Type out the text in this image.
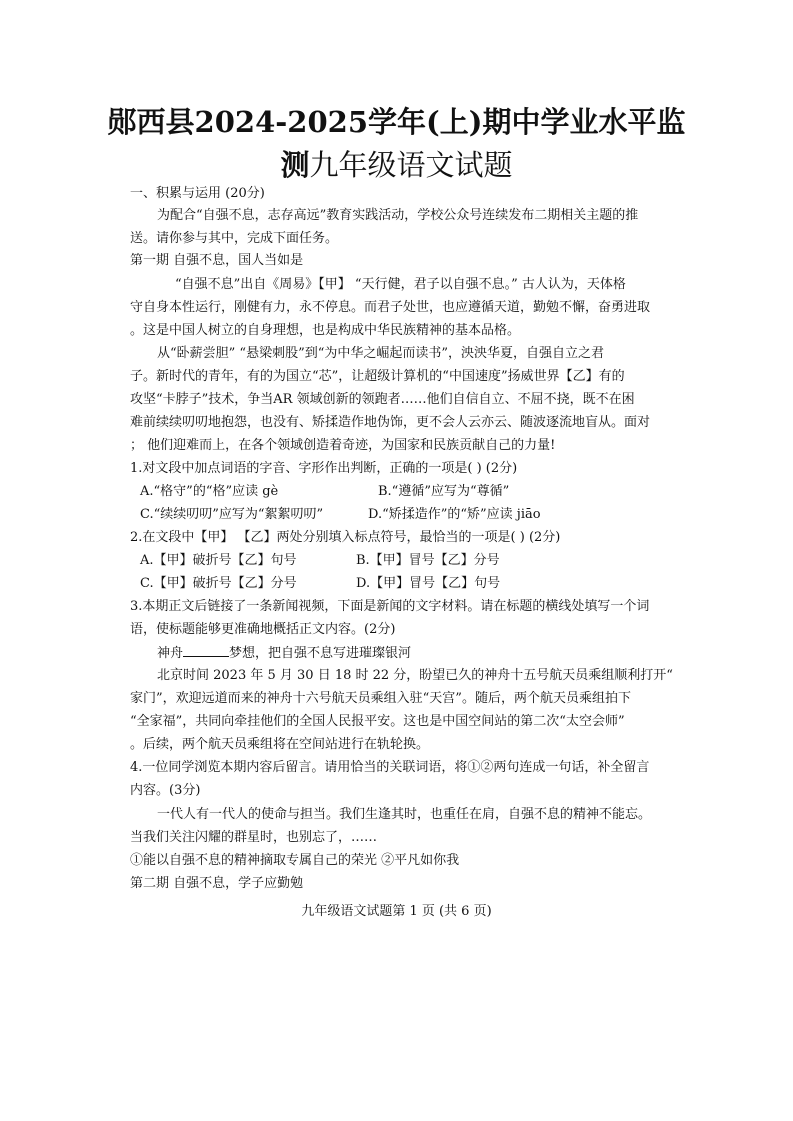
郧西县2024-2025学年(上)期中学业水平监
测九年级语文试题
一、积累与运用 (20分)
为配合“自强不息，志存高远”教育实践活动，学校公众号连续发布二期相关主题的推
送。请你参与其中，完成下面任务。
第一期 自强不息，国人当如是
“自强不息”出自《周易》【甲】 “天行健，君子以自强不息。” 古人认为，天体格
守自身本性运行，刚健有力，永不停息。而君子处世，也应遵循天道，勤勉不懈，奋勇进取
。这是中国人树立的自身理想，也是构成中华民族精神的基本品格。
从“卧薪尝胆” “悬梁刺股”到“为中华之崛起而读书”，泱泱华夏，自强自立之君
子。新时代的青年，有的为国立“芯”，让超级计算机的“中国速度”扬威世界【乙】有的
攻坚“卡脖子”技术，争当AR 领域创新的领跑者……他们自信自立、不屈不挠，既不在困
难前续续叨叨地抱怨，也没有、矫揉造作地伪饰，更不会人云亦云、随波逐流地盲从。面对
； 他们迎难而上，在各个领域创造着奇迹，为国家和民族贡献自己的力量!
1.对文段中加点词语的字音、字形作出判断，正确的一项是( ) (2分)
A.“格守”的“格”应读 gè	B.“遵循”应写为“尊循”
C.“续续叨叨”应写为“絮絮叨叨”	D.“矫揉造作”的“矫”应读 jiāo
2.在文段中【甲】 【乙】两处分别填入标点符号，最恰当的一项是( ) (2分)
A.【甲】破折号【乙】句号	B.【甲】冒号【乙】分号
C.【甲】破折号【乙】分号	D.【甲】冒号【乙】句号
3.本期正文后链接了一条新闻视频，下面是新闻的文字材料。请在标题的横线处填写一个词
语，使标题能够更准确地概括正文内容。(2分)
神舟	梦想，把自强不息写进璀璨银河
北京时间 2023 年 5 月 30 日 18 时 22 分，盼望已久的神舟十五号航天员乘组顺利打开“
家门”，欢迎远道而来的神舟十六号航天员乘组入驻“天宫”。随后，两个航天员乘组拍下
“全家福”，共同向牵挂他们的全国人民报平安。这也是中国空间站的第二次“太空会师”
。后续，两个航天员乘组将在空间站进行在轨轮换。
4.一位同学浏览本期内容后留言。请用恰当的关联词语，将①②两句连成一句话，补全留言
内容。(3分)
一代人有一代人的使命与担当。我们生逢其时，也重任在肩，自强不息的精神不能忘。
当我们关注闪耀的群星时，也别忘了，……
①能以自强不息的精神摘取专属自己的荣光 ②平凡如你我
第二期 自强不息，学子应勤勉
九年级语文试题第 1 页 (共 6 页)
